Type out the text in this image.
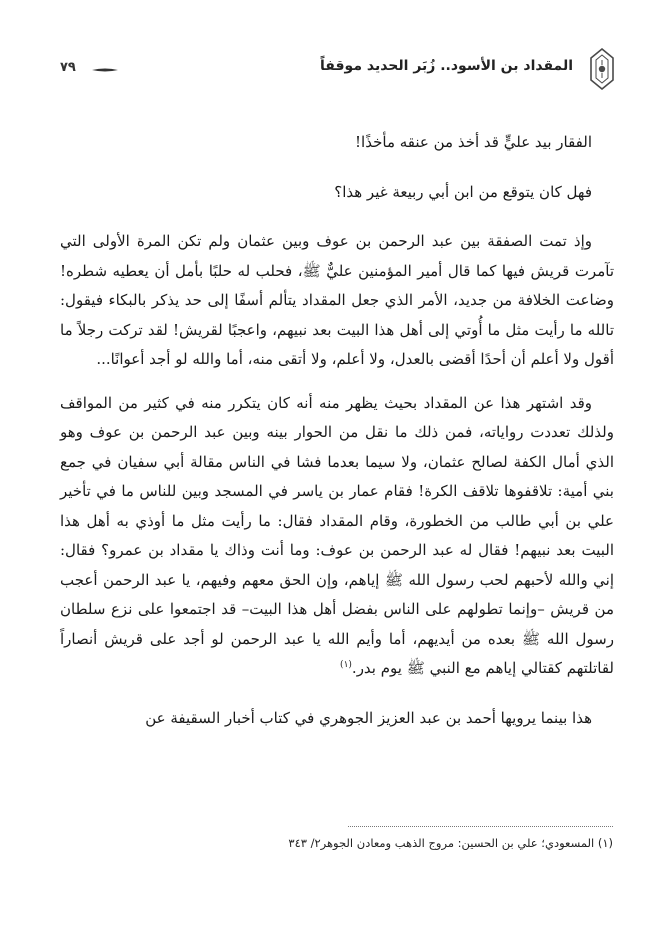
المقداد بن الأسود.. زُبَر الحديد موقفاً
٧٩

الفقار بيد عليٍّ قد أخذ من عنقه مأخذًا!

فهل كان يتوقع من ابن أبي ربيعة غير هذا؟

وإذ تمت الصفقة بين عبد الرحمن بن عوف وبين عثمان ولم تكن المرة الأولى التي تآمرت قريش فيها كما قال أمير المؤمنين عليٌّ ﷺ، فحلب له حلبًا بأمل أن يعطيه شطره! وضاعت الخلافة من جديد، الأمر الذي جعل المقداد يتألم أسفًا إلى حد يذكر بالبكاء فيقول: تالله ما رأيت مثل ما أُوتي إلى أهل هذا البيت بعد نبيهم، واعجبًا لقريش! لقد تركت رجلاً ما أقول ولا أعلم أن أحدًا أقضى بالعدل، ولا أعلم، ولا أتقى منه، أما والله لو أجد أعوانًا...

وقد اشتهر هذا عن المقداد بحيث يظهر منه أنه كان يتكرر منه في كثير من المواقف ولذلك تعددت رواياته، فمن ذلك ما نقل من الحوار بينه وبين عبد الرحمن بن عوف وهو الذي أمال الكفة لصالح عثمان، ولا سيما بعدما فشا في الناس مقالة أبي سفيان في جمع بني أمية: تلاقفوها تلاقف الكرة! فقام عمار بن ياسر في المسجد وبين للناس ما في تأخير علي بن أبي طالب من الخطورة، وقام المقداد فقال: ما رأيت مثل ما أوذي به أهل هذا البيت بعد نبيهم! فقال له عبد الرحمن بن عوف: وما أنت وذاك يا مقداد بن عمرو؟ فقال: إني والله لأحبهم لحب رسول الله ﷺ إياهم، وإن الحق معهم وفيهم، يا عبد الرحمن أعجب من قريش –وإنما تطولهم على الناس بفضل أهل هذا البيت– قد اجتمعوا على نزع سلطان رسول الله ﷺ بعده من أيديهم، أما وأيم الله يا عبد الرحمن لو أجد على قريش أنصاراً لقاتلتهم كقتالي إياهم مع النبي ﷺ يوم بدر.$^{(١)}$

هذا بينما يرويها أحمد بن عبد العزيز الجوهري في كتاب أخبار السقيفة عن

(١) المسعودي؛ علي بن الحسين: مروج الذهب ومعادن الجوهر٢/ ٣٤٣
